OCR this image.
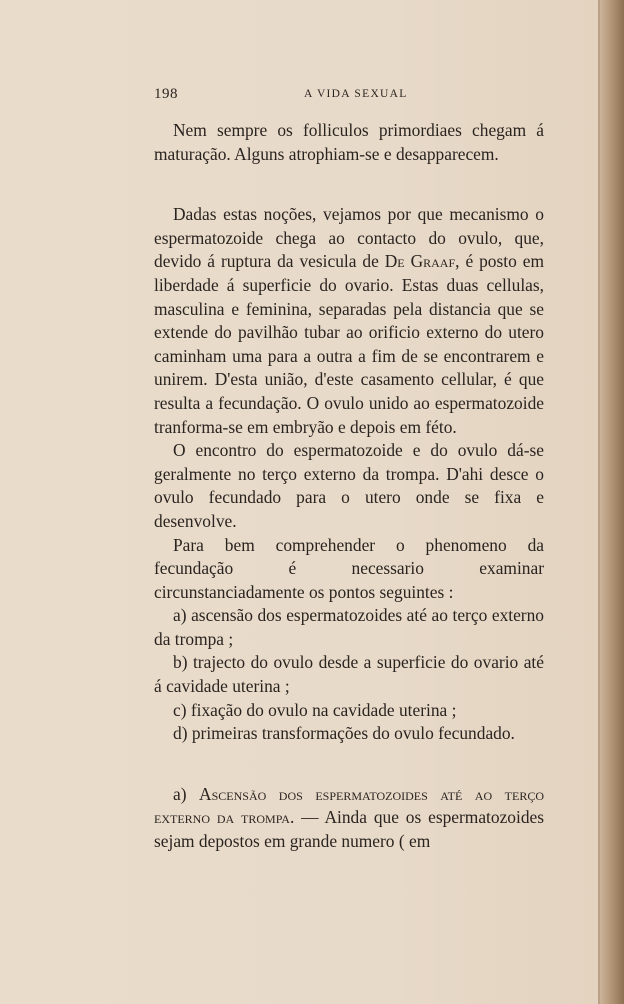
198	A VIDA SEXUAL

Nem sempre os folliculos primordiaes chegam á maturação. Alguns atrophiam-se e desapparecem.

Dadas estas noções, vejamos por que mecanismo o espermatozoide chega ao contacto do ovulo, que, devido á ruptura da vesicula de De Graaf, é posto em liberdade á superficie do ovario. Estas duas cellulas, masculina e feminina, separadas pela distancia que se extende do pavilhão tubar ao orificio externo do utero caminham uma para a outra a fim de se encontrarem e unirem. D'esta união, d'este casamento cellular, é que resulta a fecundação. O ovulo unido ao espermatozoide tranforma-se em embryão e depois em féto.

O encontro do espermatozoide e do ovulo dá-se geralmente no terço externo da trompa. D'ahi desce o ovulo fecundado para o utero onde se fixa e desenvolve.

Para bem comprehender o phenomeno da fecundação é necessario examinar circunstanciadamente os pontos seguintes :

a) ascensão dos espermatozoides até ao terço externo da trompa ;

b) trajecto do ovulo desde a superficie do ovario até á cavidade uterina ;

c) fixação do ovulo na cavidade uterina ;

d) primeiras transformações do ovulo fecundado.

a) Ascensão dos espermatozoides até ao terço externo da trompa. — Ainda que os espermatozoides sejam depostos em grande numero ( em
